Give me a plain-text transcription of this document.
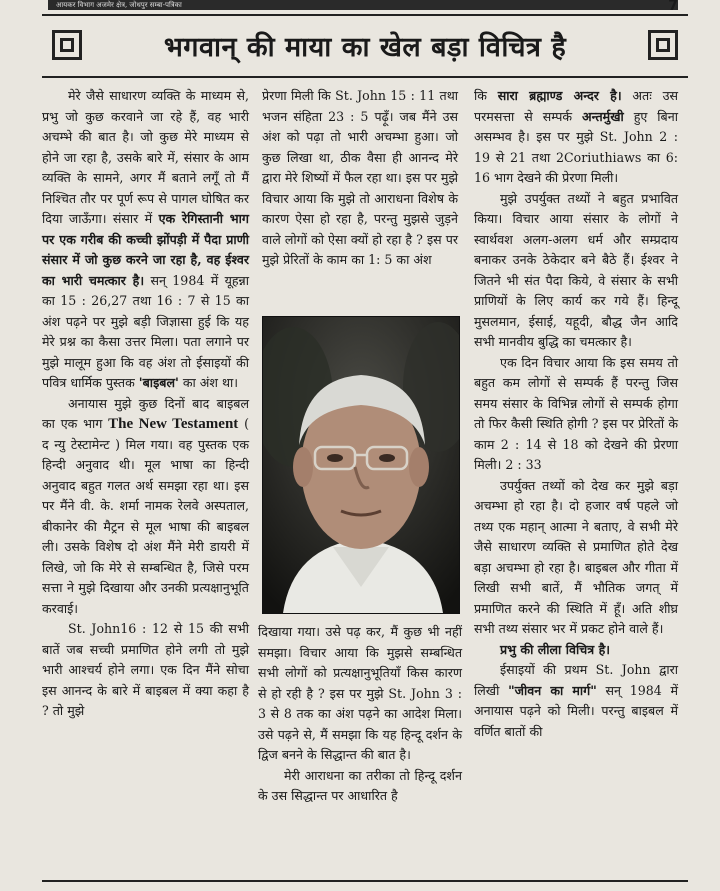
आयकर विभाग अजमेर क्षेत्र, जोधपुर सम्बा-पत्रिका	7
भगवान् की माया का खेल बड़ा विचित्र है

मेरे जैसे साधारण व्यक्ति के माध्यम से, प्रभु जो कुछ करवाने जा रहे हैं, वह भारी अचम्भे की बात है। जो कुछ मेरे माध्यम से होने जा रहा है, उसके बारे में, संसार के आम व्यक्ति के सामने, अगर मैं बताने लगूँ तो मैं निश्चित तौर पर पूर्ण रूप से पागल घोषित कर दिया जाऊँगा। संसार में एक रेगिस्तानी भाग पर एक गरीब की कच्ची झोंपड़ी में पैदा प्राणी संसार में जो कुछ करने जा रहा है, वह ईश्वर का भारी चमत्कार है। सन् 1984 में यूहन्ना का 15 : 26,27 तथा 16 : 7 से 15 का अंश पढ़ने पर मुझे बड़ी जिज्ञासा हुई कि यह मेरे प्रश्न का कैसा उत्तर मिला। पता लगाने पर मुझे मालूम हुआ कि वह अंश तो ईसाइयों की पवित्र धार्मिक पुस्तक 'बाइबल' का अंश था।

अनायास मुझे कुछ दिनों बाद बाइबल का एक भाग The New Testament ( द न्यु टेस्टामेन्ट ) मिल गया। वह पुस्तक एक हिन्दी अनुवाद थी। मूल भाषा का हिन्दी अनुवाद बहुत गलत अर्थ समझा रहा था। इस पर मैंने वी. के. शर्मा नामक रेलवे अस्पताल, बीकानेर की मैट्रन से मूल भाषा की बाइबल ली। उसके विशेष दो अंश मैंने मेरी डायरी में लिखे, जो कि मेरे से सम्बन्धित है, जिसे परम सत्ता ने मुझे दिखाया और उनकी प्रत्यक्षानुभूति करवाई।

St. John16 : 12 से 15 की सभी बातें जब सच्ची प्रमाणित होने लगी तो मुझे भारी आश्चर्य होने लगा। एक दिन मैंने सोचा इस आनन्द के बारे में बाइबल में क्या कहा है ? तो मुझे

प्रेरणा मिली कि St. John 15 : 11 तथा भजन संहिता 23 : 5 पढ़ूँ। जब मैंने उस अंश को पढ़ा तो भारी अचम्भा हुआ। जो कुछ लिखा था, ठीक वैसा ही आनन्द मेरे द्वारा मेरे शिष्यों में फैल रहा था। इस पर मुझे विचार आया कि मुझे तो आराधना विशेष के कारण ऐसा हो रहा है, परन्तु मुझसे जुड़ने वाले लोगों को ऐसा क्यों हो रहा है ? इस पर मुझे प्रेरितों के काम का 1: 5 का अंश

दिखाया गया। उसे पढ़ कर, मैं कुछ भी नहीं समझा। विचार आया कि मुझसे सम्बन्धित सभी लोगों को प्रत्यक्षानुभूतियाँ किस कारण से हो रही है ? इस पर मुझे St. John 3 : 3 से 8 तक का अंश पढ़ने का आदेश मिला। उसे पढ़ने से, मैं समझा कि यह हिन्दू दर्शन के द्विज बनने के सिद्धान्त की बात है।

मेरी आराधना का तरीका तो हिन्दू दर्शन के उस सिद्धान्त पर आधारित है

कि सारा ब्रह्माण्ड अन्दर है। अतः उस परमसत्ता से सम्पर्क अन्तर्मुखी हुए बिना असम्भव है। इस पर मुझे St. John 2 : 19 से 21 तथा 2Coriuthiaws का 6: 16 भाग देखने की प्रेरणा मिली।

मुझे उपर्युक्त तथ्यों ने बहुत प्रभावित किया। विचार आया संसार के लोगों ने स्वार्थवश अलग-अलग धर्म और सम्प्रदाय बनाकर उनके ठेकेदार बने बैठे हैं। ईश्वर ने जितने भी संत पैदा किये, वे संसार के सभी प्राणियों के लिए कार्य कर गये हैं। हिन्दू मुसलमान, ईसाई, यहूदी, बौद्ध जैन आदि सभी मानवीय बुद्धि का चमत्कार है।

एक दिन विचार आया कि इस समय तो बहुत कम लोगों से सम्पर्क हैं परन्तु जिस समय संसार के विभिन्न लोगों से सम्पर्क होगा तो फिर कैसी स्थिति होगी ? इस पर प्रेरितों के काम 2 : 14 से 18 को देखने की प्रेरणा मिली। 2 : 33

उपर्युक्त तथ्यों को देख कर मुझे बड़ा अचम्भा हो रहा है। दो हजार वर्ष पहले जो तथ्य एक महान् आत्मा ने बताए, वे सभी मेरे जैसे साधारण व्यक्ति से प्रमाणित होते देख बड़ा अचम्भा हो रहा है। बाइबल और गीता में लिखी सभी बातें, मैं भौतिक जगत् में प्रमाणित करने की स्थिति में हूँ। अति शीघ्र सभी तथ्य संसार भर में प्रकट होने वाले हैं।

प्रभु की लीला विचित्र है।

ईसाइयों की प्रथम St. John द्वारा लिखी "जीवन का मार्ग" सन् 1984 में अनायास पढ़ने को मिली। परन्तु बाइबल में वर्णित बातों की
